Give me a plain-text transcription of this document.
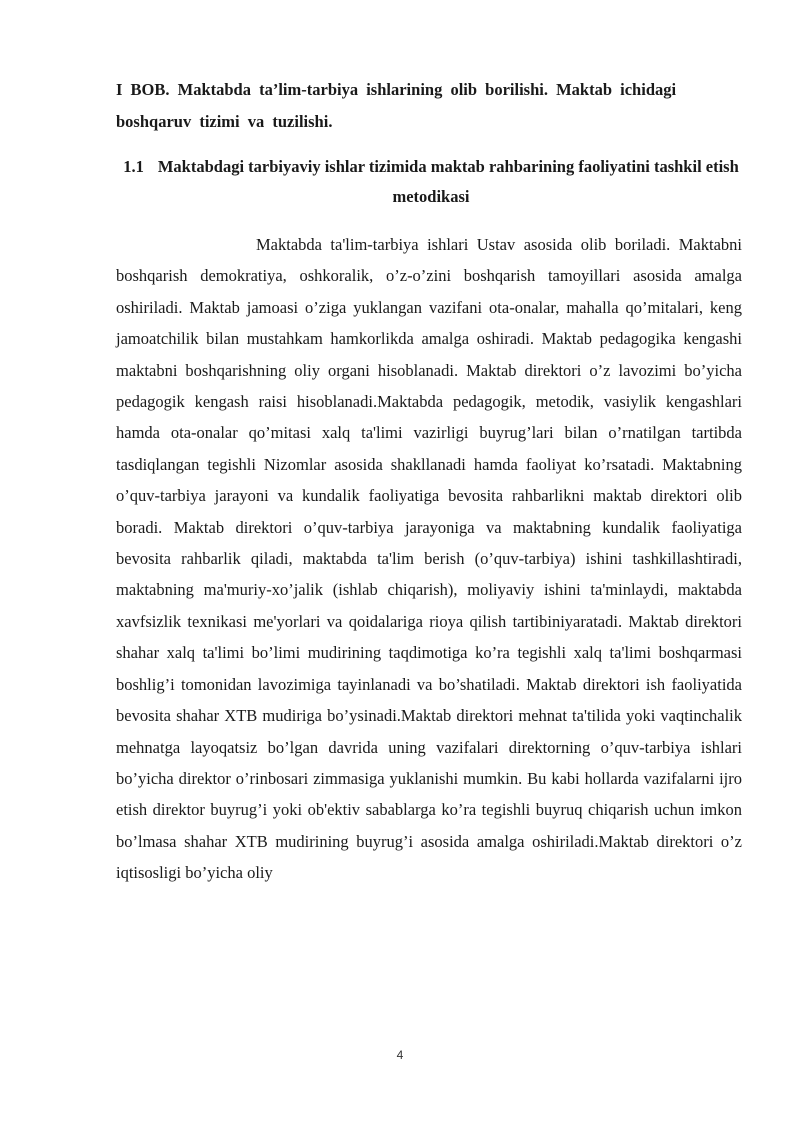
I BOB. Maktabda ta’lim-tarbiya ishlarining olib borilishi. Maktab ichidagi boshqaruv tizimi va tuzilishi.
1.1 Maktabdagi tarbiyaviy ishlar tizimida maktab rahbarining faoliyatini tashkil etish metodikasi

Maktabda ta'lim-tarbiya ishlari Ustav asosida olib boriladi. Maktabni boshqarish demokratiya, oshkoralik, o’z-o’zini boshqarish tamoyillari asosida amalga oshiriladi. Maktab jamoasi o’ziga yuklangan vazifani ota-onalar, mahalla qo’mitalari, keng jamoatchilik bilan mustahkam hamkorlikda amalga oshiradi. Maktab pedagogika kengashi maktabni boshqarishning oliy organi hisoblanadi. Maktab direktori o’z lavozimi bo’yicha pedagogik kengash raisi hisoblanadi.Maktabda pedagogik, metodik, vasiylik kengashlari hamda ota-onalar qo’mitasi xalq ta'limi vazirligi buyrug’lari bilan o’rnatilgan tartibda tasdiqlangan tegishli Nizomlar asosida shakllanadi hamda faoliyat ko’rsatadi. Maktabning o’quv-tarbiya jarayoni va kundalik faoliyatiga bevosita rahbarlikni maktab direktori olib boradi. Maktab direktori o’quv-tarbiya jarayoniga va maktabning kundalik faoliyatiga bevosita rahbarlik qiladi, maktabda ta'lim berish (o’quv-tarbiya) ishini tashkillashtiradi, maktabning ma'muriy-xo’jalik (ishlab chiqarish), moliyaviy ishini ta'minlaydi, maktabda xavfsizlik texnikasi me'yorlari va qoidalariga rioya qilish tartibiniyaratadi. Maktab direktori shahar xalq ta'limi bo’limi mudirining taqdimotiga ko’ra tegishli xalq ta'limi boshqarmasi boshlig’i tomonidan lavozimiga tayinlanadi va bo’shatiladi. Maktab direktori ish faoliyatida bevosita shahar XTB mudiriga bo’ysinadi.Maktab direktori mehnat ta'tilida yoki vaqtinchalik mehnatga layoqatsiz bo’lgan davrida uning vazifalari direktorning o’quv-tarbiya ishlari bo’yicha direktor o’rinbosari zimmasiga yuklanishi mumkin. Bu kabi hollarda vazifalarni ijro etish direktor buyrug’i yoki ob'ektiv sabablarga ko’ra tegishli buyruq chiqarish uchun imkon bo’lmasa shahar XTB mudirining buyrug’i asosida amalga oshiriladi.Maktab direktori o’z iqtisosligi bo’yicha oliy

4
